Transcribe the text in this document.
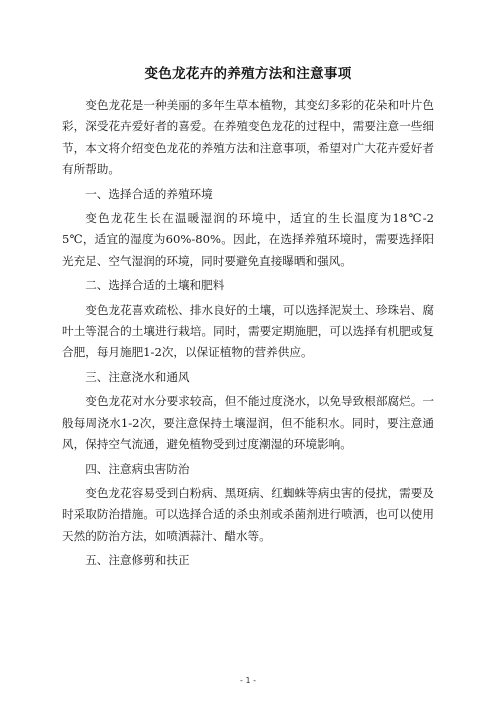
变色龙花卉的养殖方法和注意事项

变色龙花是一种美丽的多年生草本植物，其变幻多彩的花朵和叶片色彩，深受花卉爱好者的喜爱。在养殖变色龙花的过程中，需要注意一些细节，本文将介绍变色龙花的养殖方法和注意事项，希望对广大花卉爱好者有所帮助。

一、选择合适的养殖环境

变色龙花生长在温暖湿润的环境中，适宜的生长温度为18℃-25℃，适宜的湿度为60%-80%。因此，在选择养殖环境时，需要选择阳光充足、空气湿润的环境，同时要避免直接曝晒和强风。

二、选择合适的土壤和肥料

变色龙花喜欢疏松、排水良好的土壤，可以选择泥炭土、珍珠岩、腐叶土等混合的土壤进行栽培。同时，需要定期施肥，可以选择有机肥或复合肥，每月施肥1-2次，以保证植物的营养供应。

三、注意浇水和通风

变色龙花对水分要求较高，但不能过度浇水，以免导致根部腐烂。一般每周浇水1-2次，要注意保持土壤湿润，但不能积水。同时，要注意通风，保持空气流通，避免植物受到过度潮湿的环境影响。

四、注意病虫害防治

变色龙花容易受到白粉病、黑斑病、红蜘蛛等病虫害的侵扰，需要及时采取防治措施。可以选择合适的杀虫剂或杀菌剂进行喷洒，也可以使用天然的防治方法，如喷洒蒜汁、醋水等。

五、注意修剪和扶正

- 1 -
